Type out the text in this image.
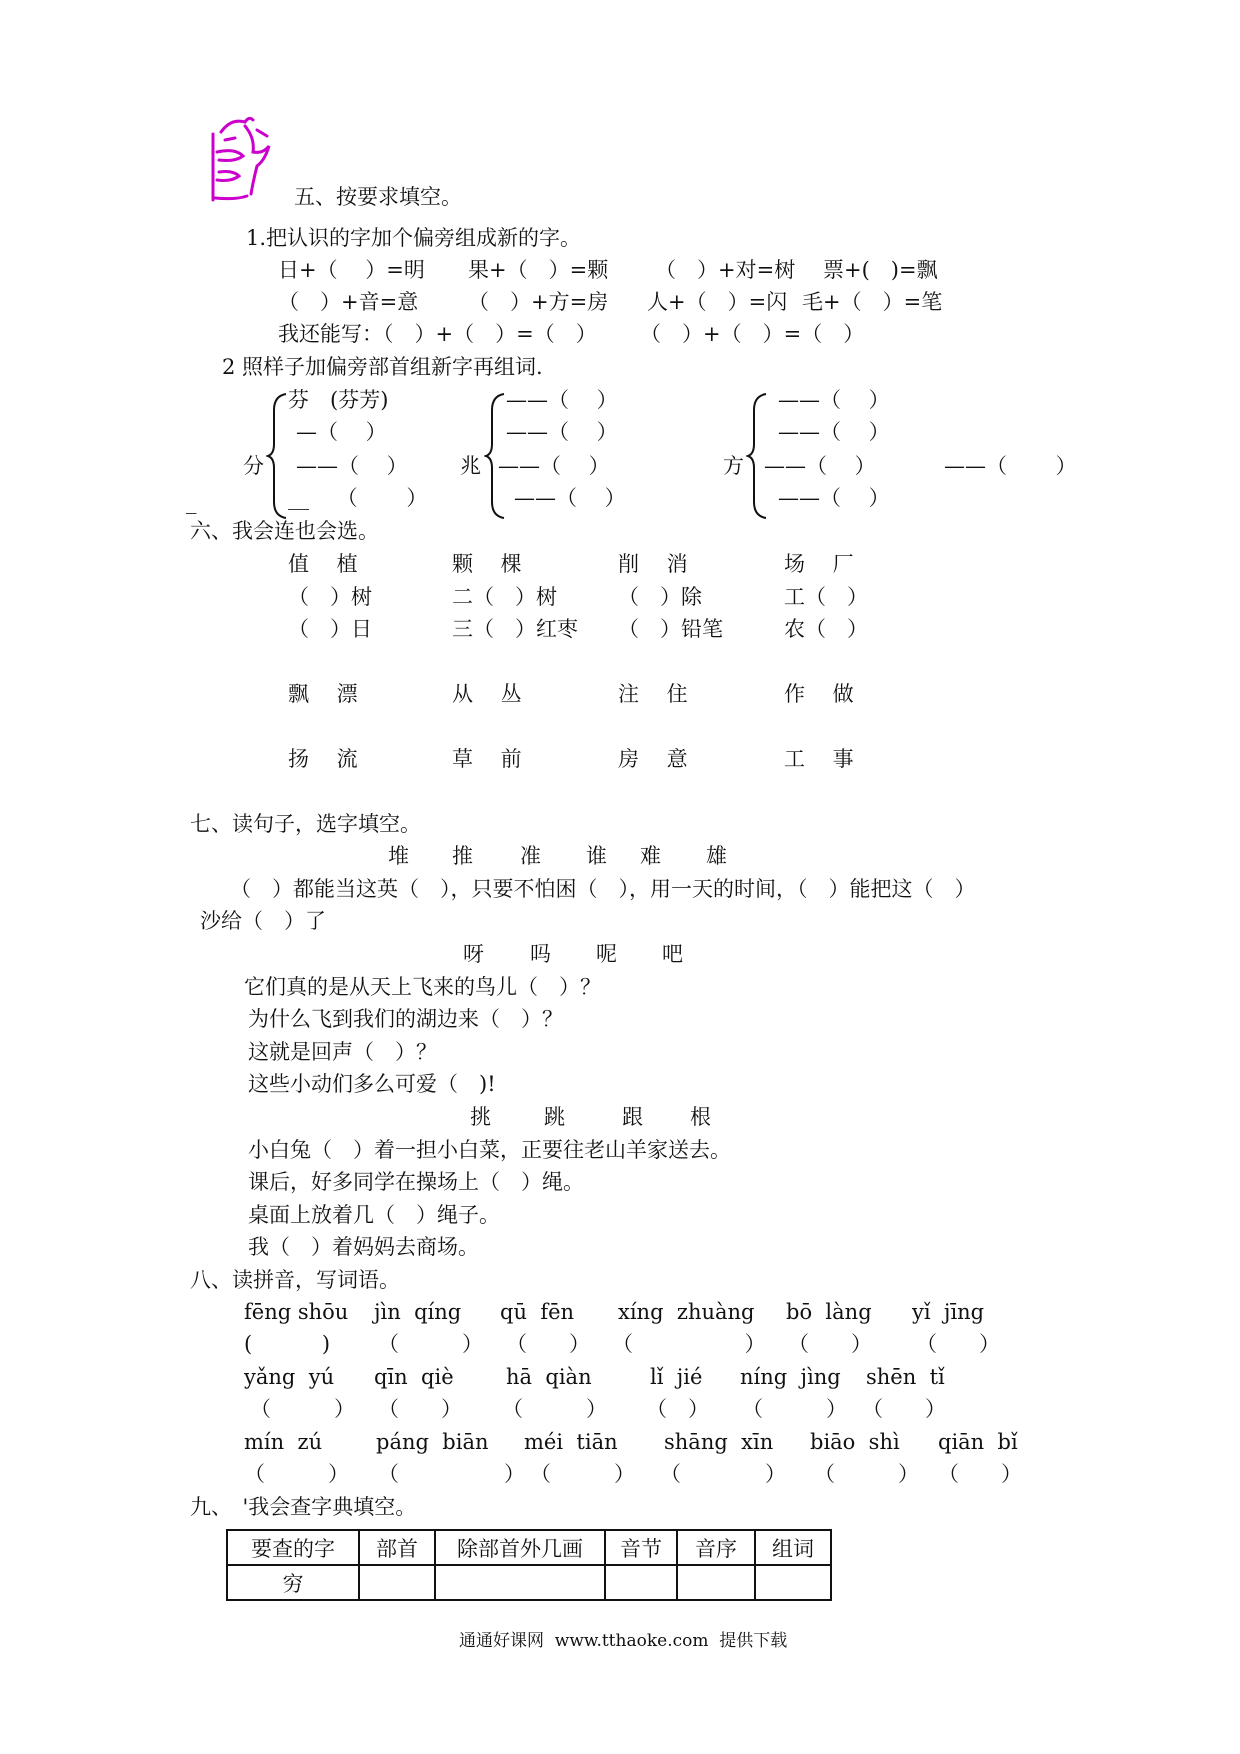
五、按要求填空。
1.把认识的字加个偏旁组成新的字。
日+（　 ）=明 果+（　）=颗 （　）+对=树 票+(　)=飘
（　）+音=意 （　）+方=房 人+（　）=闪 毛+（　）=笔
我还能写：（　）+（　）=（　） （　）+（　）=（　）
2 照样子加偏旁部首组新字再组词.
分
芬　(芬芳)
—（　 ）
——（　 ）
__　 （　 　）
_
兆
——（　 ）
——（　 ）
——（　 ）
——（　 ）
方
——（　 ）
——（　 ）
——（　 ）
——（　 ）
——（　 　）
六、我会连也会选。
值　 植	颗　 棵	削　 消	场　 厂
（　）树	二（　）树	（　）除	工（　）
（　）日	三（　）红枣 （　）铅笔	农（　）
飘　 漂	从　 丛	注　 住	作　 做
扬　 流	草　 前	房　 意	工　 事
七、读句子，选字填空。
堆 推 准 谁 难 雄
（　）都能当这英（　），只要不怕困（　），用一天的时间，（　）能把这（　）
沙给（　）了
呀 吗 呢 吧
它们真的是从天上飞来的鸟儿（　）？
为什么飞到我们的湖边来（　）？
这就是回声（　）？
这些小动们多么可爱（　)!
挑	跳	跟 根
小白兔（　）着一担小白菜，正要往老山羊家送去。
课后，好多同学在操场上（　）绳。
桌面上放着几（　）绳子。
我（　）着妈妈去商场。
八、读拼音，写词语。
fēng shōu jìn  qíng qū  fēn xíng  zhuàng bō  làng yǐ  jīng
(　　　 ) （　　　） （　　） （　　　　　 ） （　　） （　　）
yǎng  yú qīn  qiè hā  qiàn	lǐ  jié níng  jìng shēn  tǐ
（　　　） （　　） （　　　） （　） （　　　） （　　）
mín  zú	páng  biān méi  tiān shāng  xīn biāo  shì qiān  bǐ
（　　　） （　　　　　） （　　　） （　　　　） （　　　） （　　）
九、　'我会查字典填空。
要查的字	部首	除部首外几画	音节	音序	组词
穷					
通通好课网  www.tthaoke.com  提供下载
